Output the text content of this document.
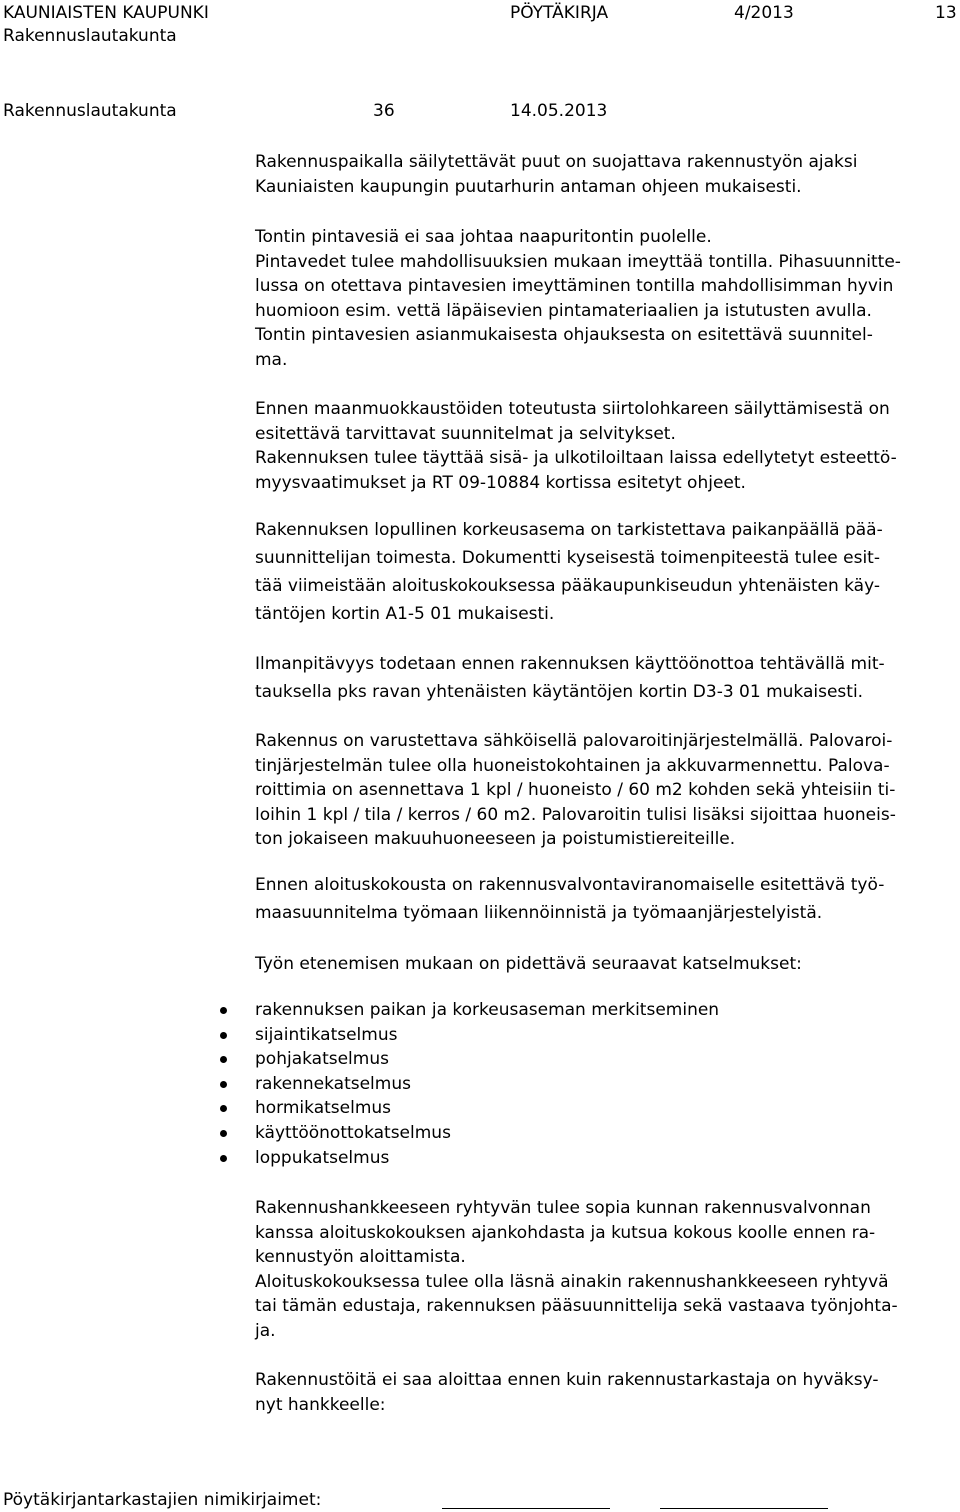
KAUNIAISTEN KAUPUNKI	PÖYTÄKIRJA	4/2013	13
Rakennuslautakunta
Rakennuslautakunta	36	14.05.2013
Rakennuspaikalla säilytettävät puut on suojattava rakennustyön ajaksi
Kauniaisten kaupungin puutarhurin antaman ohjeen mukaisesti.
Tontin pintavesiä ei saa johtaa naapuritontin puolelle.
Pintavedet tulee mahdollisuuksien mukaan imeyttää tontilla. Pihasuunnitte-
lussa on otettava pintavesien imeyttäminen tontilla mahdollisimman hyvin
huomioon esim. vettä läpäisevien pintamateriaalien ja istutusten avulla.
Tontin pintavesien asianmukaisesta ohjauksesta on esitettävä suunnitel-
ma.
Ennen maanmuokkaustöiden toteutusta siirtolohkareen säilyttämisestä on
esitettävä tarvittavat suunnitelmat ja selvitykset.
Rakennuksen tulee täyttää sisä- ja ulkotiloiltaan laissa edellytetyt esteettö-
myysvaatimukset ja RT 09-10884 kortissa esitetyt ohjeet.
Rakennuksen lopullinen korkeusasema on tarkistettava paikanpäällä pää-
suunnittelijan toimesta. Dokumentti kyseisestä toimenpiteestä tulee esit-
tää viimeistään aloituskokouksessa pääkaupunkiseudun yhtenäisten käy-
täntöjen kortin A1-5 01 mukaisesti.
Ilmanpitävyys todetaan ennen rakennuksen käyttöönottoa tehtävällä mit-
tauksella pks ravan yhtenäisten käytäntöjen kortin D3-3 01 mukaisesti.
Rakennus on varustettava sähköisellä palovaroitinjärjestelmällä. Palovaroi-
tinjärjestelmän tulee olla huoneistokohtainen ja akkuvarmennettu. Palova-
roittimia on asennettava 1 kpl / huoneisto / 60 m2 kohden sekä yhteisiin ti-
loihin 1 kpl / tila / kerros / 60 m2. Palovaroitin tulisi lisäksi sijoittaa huoneis-
ton jokaiseen makuuhuoneeseen ja poistumistiereiteille.
Ennen aloituskokousta on rakennusvalvontaviranomaiselle esitettävä työ-
maasuunnitelma työmaan liikennöinnistä ja työmaanjärjestelyistä.
Työn etenemisen mukaan on pidettävä seuraavat katselmukset:
rakennuksen paikan ja korkeusaseman merkitseminen
sijaintikatselmus
pohjakatselmus
rakennekatselmus
hormikatselmus
käyttöönottokatselmus
loppukatselmus
Rakennushankkeeseen ryhtyvän tulee sopia kunnan rakennusvalvonnan
kanssa aloituskokouksen ajankohdasta ja kutsua kokous koolle ennen ra-
kennustyön aloittamista.
Aloituskokouksessa tulee olla läsnä ainakin rakennushankkeeseen ryhtyvä
tai tämän edustaja, rakennuksen pääsuunnittelija sekä vastaava työnjohta-
ja.
Rakennustöitä ei saa aloittaa ennen kuin rakennustarkastaja on hyväksy-
nyt hankkeelle:
Pöytäkirjantarkastajien nimikirjaimet:
